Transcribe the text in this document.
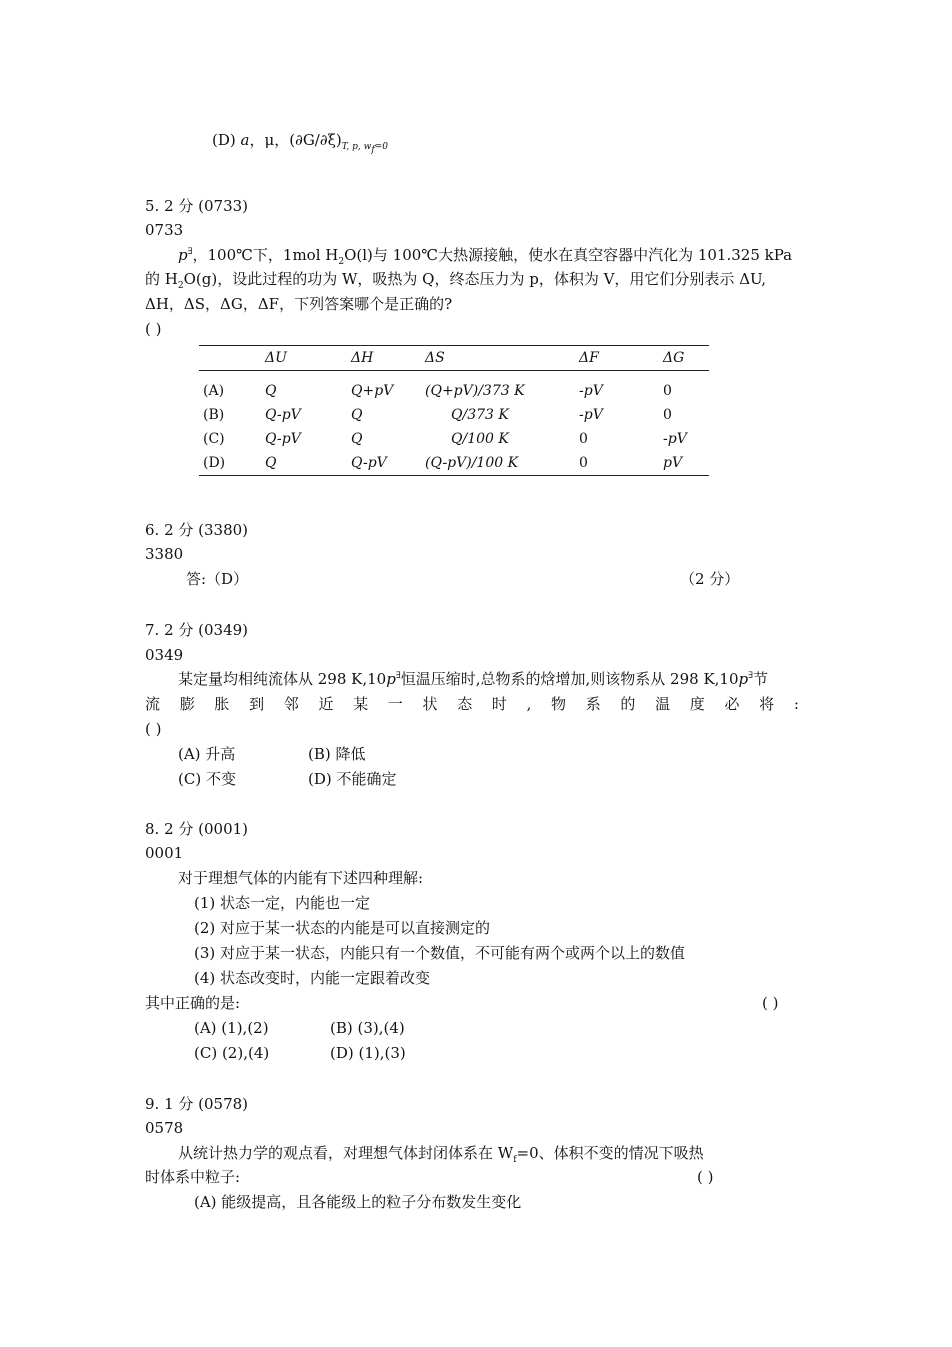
(D) a，μ，$(\partial G/\partial\xi)_{T, p, wf=0}$
5. 2 分 (0733)
0733
p∃，100℃下，1mol $H_2O(l)$与 100℃大热源接触，使水在真空容器中汽化为 101.325 kPa
的 $H_2O(g)$，设此过程的功为 W，吸热为 Q，终态压力为 p，体积为 V，用它们分别表示 ΔU,
ΔH，ΔS，ΔG，ΔF，下列答案哪个是正确的?
( )
	ΔU	ΔH	ΔS	ΔF	ΔG
(A)	Q	Q+pV	(Q+pV)/373 K	-pV	0
(B)	Q-pV	Q	Q/373 K	-pV	0
(C)	Q-pV	Q	Q/100 K	0	-pV
(D)	Q	Q-pV	(Q-pV)/100 K	0	pV
6. 2 分 (3380)
3380
答:（D）	（2 分）
7. 2 分 (0349)
0349
某定量均相纯流体从 298 K,10p∃恒温压缩时,总物系的焓增加,则该物系从 298 K,10p∃节
流 膨 胀 到 邻 近 某 一 状 态 时 , 物 系 的 温 度 必 将 :
( )
(A) 升高	(B) 降低
(C) 不变	(D) 不能确定
8. 2 分 (0001)
0001
对于理想气体的内能有下述四种理解:
(1) 状态一定，内能也一定
(2) 对应于某一状态的内能是可以直接测定的
(3) 对应于某一状态，内能只有一个数值，不可能有两个或两个以上的数值
(4) 状态改变时，内能一定跟着改变
其中正确的是:	( )
(A) (1),(2)	(B) (3),(4)
(C) (2),(4)	(D) (1),(3)
9. 1 分 (0578)
0578
从统计热力学的观点看，对理想气体封闭体系在 $W_f=0$、体积不变的情况下吸热
时体系中粒子:	( )
(A) 能级提高，且各能级上的粒子分布数发生变化
